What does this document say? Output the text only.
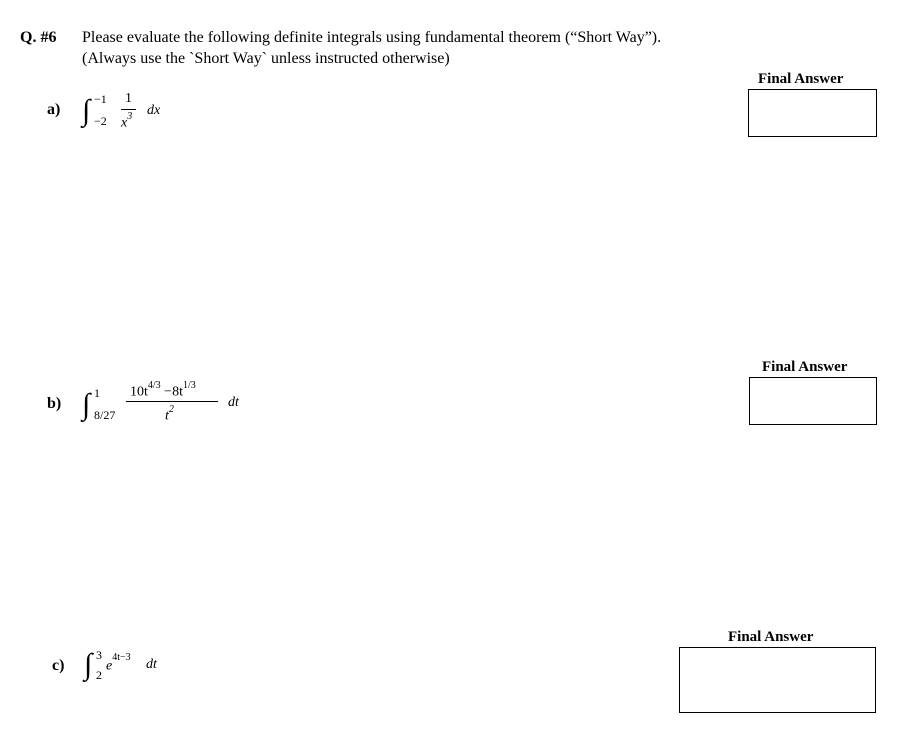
Q. #6 Please evaluate the following definite integrals using fundamental theorem (“Short Way”).
(Always use the `Short Way` unless instructed otherwise)
a) ∫ −1
−2
1
$x^3$ dx
Final Answer
b) ∫ 1
8/27
$10t^{4/3} -8t^{1/3}$
$t^2$	dt
Final Answer
c) ∫ 3
2
$e^{4t-3}$ dt
Final Answer
